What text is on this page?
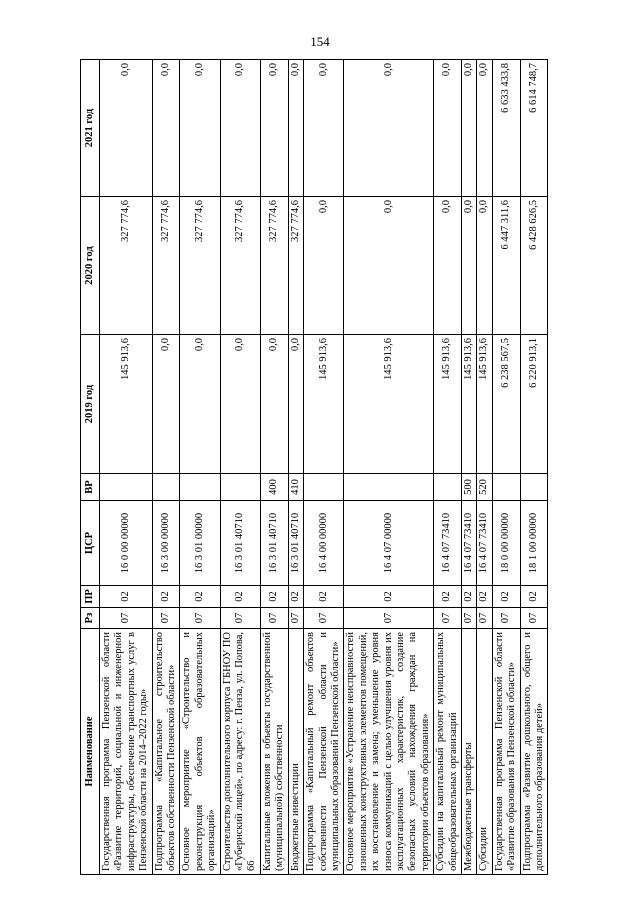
154
Наименование	Рз	ПР	ЦСР	ВР	2019 год	2020 год	2021 год
Государственная программа Пензенской области «Развитие территорий, социальной и инженерной инфраструктуры, обеспечение транспортных услуг в Пензенской области на 2014–2022 годы»	07	02	16 0 00 00000		145 913,6	327 774,6	0,0
Подпрограмма «Капитальное строительство объектов собственности Пензенской области»	07	02	16 3 00 00000		0,0	327 774,6	0,0
Основное мероприятие «Строительство и реконструкция объектов образовательных организаций»	07	02	16 3 01 00000		0,0	327 774,6	0,0
Строительство дополнительного корпуса ГБНОУ ПО «Губернский лицей», по адресу: г. Пенза, ул. Попова, 66	07	02	16 3 01 40710		0,0	327 774,6	0,0
Капитальные вложения в объекты государственной (муниципальной) собственности	07	02	16 3 01 40710	400	0,0	327 774,6	0,0
Бюджетные инвестиции	07	02	16 3 01 40710	410	0,0	327 774,6	0,0
Подпрограмма «Капитальный ремонт объектов собственности Пензенской области и муниципальных образований Пензенской области»	07	02	16 4 00 00000		145 913,6	0,0	0,0
Основное мероприятие «Устранение неисправностей изношенных конструктивных элементов помещений, их восстановление и замена; уменьшение уровня износа коммуникаций с целью улучшения уровня их эксплуатационных характеристик, создание безопасных условий нахождения граждан на территории объектов образования»	07	02	16 4 07 00000		145 913,6	0,0	0,0
Субсидии на капитальный ремонт муниципальных общеобразовательных организаций	07	02	16 4 07 73410		145 913,6	0,0	0,0
Межбюджетные трансферты	07	02	16 4 07 73410	500	145 913,6	0,0	0,0
Субсидии	07	02	16 4 07 73410	520	145 913,6	0,0	0,0
Государственная программа Пензенской области «Развитие образования в Пензенской области»	07	02	18 0 00 00000		6 238 567,5	6 447 311,6	6 633 433,8
Подпрограмма «Развитие дошкольного, общего и дополнительного образования детей»	07	02	18 1 00 00000		6 220 913,1	6 428 626,5	6 614 748,7
